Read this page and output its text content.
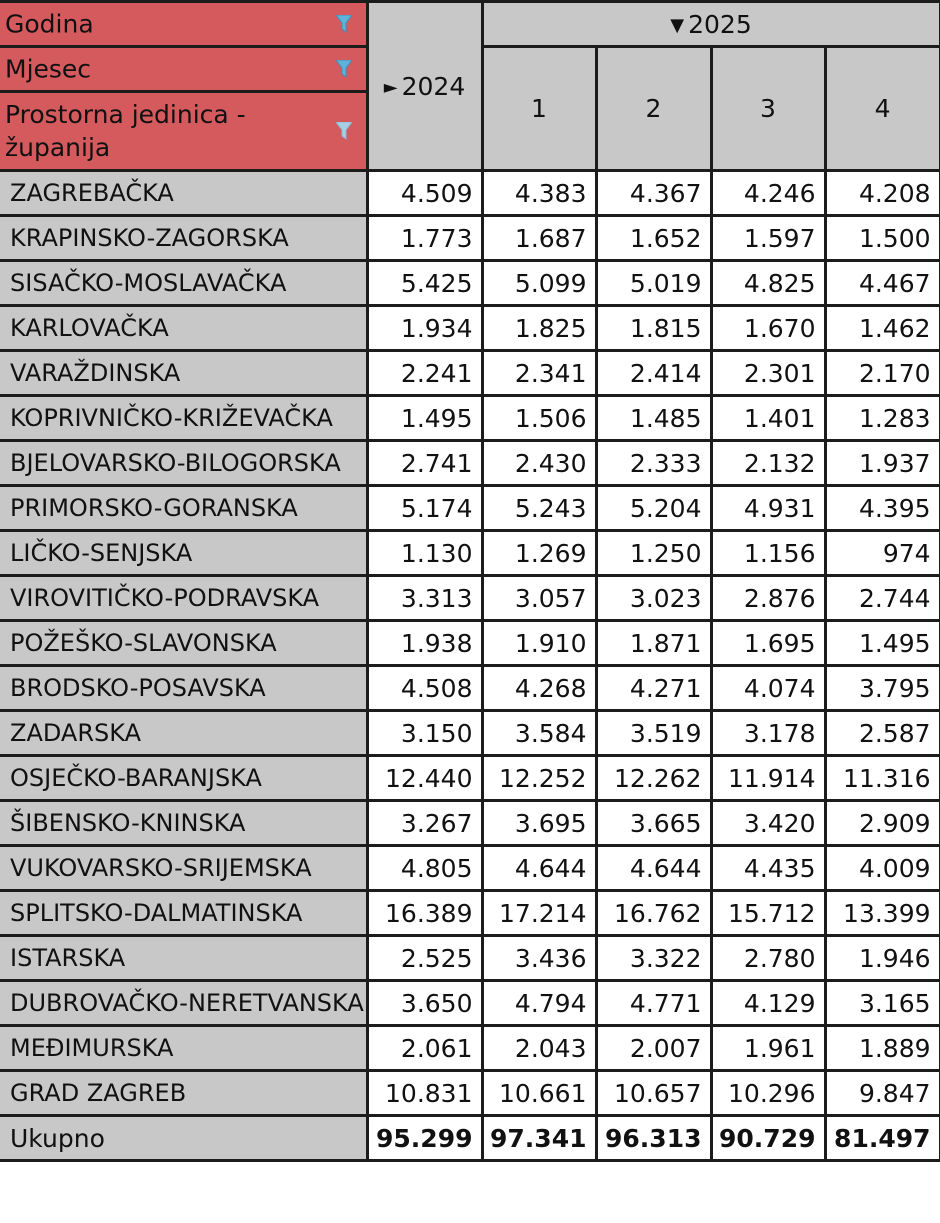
Godina	► 2024	▼ 2025			

Mjesec		1	2	3	4

Prostorna jedinica - županija					

ZAGREBAČKA	4.509	4.383	4.367	4.246	4.208
KRAPINSKO-ZAGORSKA	1.773	1.687	1.652	1.597	1.500
SISAČKO-MOSLAVAČKA	5.425	5.099	5.019	4.825	4.467
KARLOVAČKA	1.934	1.825	1.815	1.670	1.462
VARAŽDINSKA	2.241	2.341	2.414	2.301	2.170
KOPRIVNIČKO-KRIŽEVAČKA	1.495	1.506	1.485	1.401	1.283
BJELOVARSKO-BILOGORSKA	2.741	2.430	2.333	2.132	1.937
PRIMORSKO-GORANSKA	5.174	5.243	5.204	4.931	4.395
LIČKO-SENJSKA	1.130	1.269	1.250	1.156	974
VIROVITIČKO-PODRAVSKA	3.313	3.057	3.023	2.876	2.744
POŽEŠKO-SLAVONSKA	1.938	1.910	1.871	1.695	1.495
BRODSKO-POSAVSKA	4.508	4.268	4.271	4.074	3.795
ZADARSKA	3.150	3.584	3.519	3.178	2.587
OSJEČKO-BARANJSKA	12.440	12.252	12.262	11.914	11.316
ŠIBENSKO-KNINSKA	3.267	3.695	3.665	3.420	2.909
VUKOVARSKO-SRIJEMSKA	4.805	4.644	4.644	4.435	4.009
SPLITSKO-DALMATINSKA	16.389	17.214	16.762	15.712	13.399
ISTARSKA	2.525	3.436	3.322	2.780	1.946
DUBROVAČKO-NERETVANSKA	3.650	4.794	4.771	4.129	3.165
MEĐIMURSKA	2.061	2.043	2.007	1.961	1.889
GRAD ZAGREB	10.831	10.661	10.657	10.296	9.847
Ukupno	95.299	97.341	96.313	90.729	81.497
